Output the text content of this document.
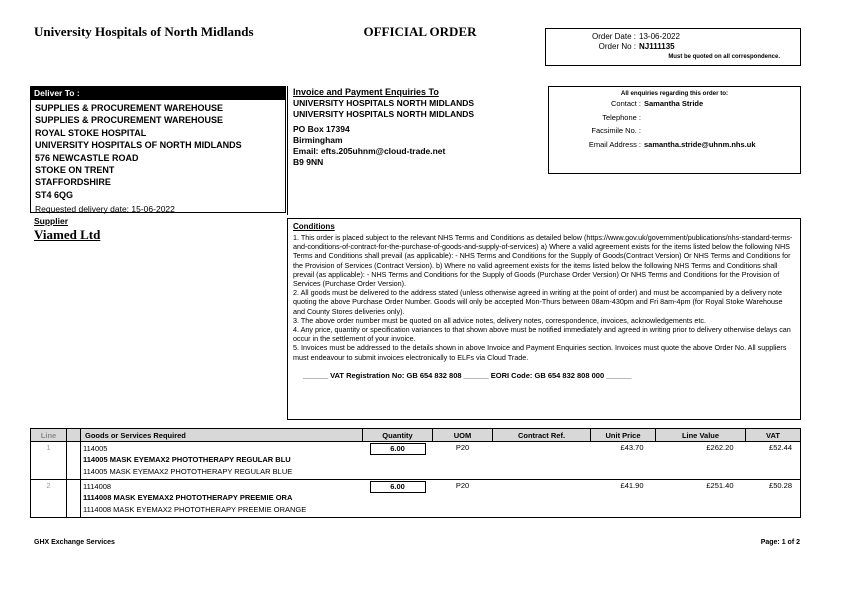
University Hospitals of North Midlands	OFFICIAL ORDER	Order Date : 13-06-2022
Order No : NJ111135
Must be quoted on all correspondence.
Deliver To :
SUPPLIES & PROCUREMENT WAREHOUSE
SUPPLIES & PROCUREMENT WAREHOUSE
ROYAL STOKE HOSPITAL
UNIVERSITY HOSPITALS OF NORTH MIDLANDS
576 NEWCASTLE ROAD
STOKE ON TRENT
STAFFORDSHIRE
ST4 6QG
Requested delivery date: 15-06-2022
Invoice and Payment Enquiries To
UNIVERSITY HOSPITALS NORTH MIDLANDS
UNIVERSITY HOSPITALS NORTH MIDLANDS
PO Box 17394
Birmingham
Email: efts.205uhnm@cloud-trade.net
B9 9NN
All enquiries regarding this order to:
Contact : Samantha Stride
Telephone :
Facsimile No. :
Email Address : samantha.stride@uhnm.nhs.uk
Supplier
Viamed Ltd
Conditions
1. This order is placed subject to the relevant NHS Terms and Conditions as detailed below (https://www.gov.uk/government/publications/nhs-standard-terms-and-conditions-of-contract-for-the-purchase-of-goods-and-supply-of-services) a) Where a valid agreement exists for the items listed below the following NHS Terms and Conditions shall prevail (as applicable): - NHS Terms and Conditions for the Supply of Goods(Contract Version) Or NHS Terms and Conditions for the Provision of Services (Contract Version). b) Where no valid agreement exists for the items listed below the following NHS Terms and Conditions shall prevail (as applicable): - NHS Terms and Conditions for the Supply of Goods (Purchase Order Version) Or NHS Terms and Conditions for the Provision of Services (Purchase Order Version).
2. All goods must be delivered to the address stated (unless otherwise agreed in writing at the point of order) and must be accompanied by a delivery note quoting the above Purchase Order Number. Goods will only be accepted Mon-Thurs between 08am-430pm and Fri 8am-4pm (for Royal Stoke Warehouse and County Stores deliveries only).
3. The above order number must be quoted on all advice notes, delivery notes, correspondence, invoices, acknowledgements etc.
4. Any price, quantity or specification variances to that shown above must be notified immediately and agreed in writing prior to delivery otherwise delays can occur in the settlement of your invoice.
5. Invoices must be addressed to the details shown in above Invoice and Payment Enquiries section. Invoices must quote the above Order No. All suppliers must endeavour to submit invoices electronically to ELFs via Cloud Trade.
______ VAT Registration No: GB 654 832 808 ______ EORI Code: GB 654 832 808 000 ______
Line		Goods or Services Required	Quantity	UOM	Contract Ref.	Unit Price	Line Value	VAT
1		114005
114005 MASK EYEMAX2 PHOTOTHERAPY REGULAR BLU
114005 MASK EYEMAX2 PHOTOTHERAPY REGULAR BLUE	6.00	P20		£43.70	£262.20	£52.44
2		1114008
1114008 MASK EYEMAX2 PHOTOTHERAPY PREEMIE ORA
1114008 MASK EYEMAX2 PHOTOTHERAPY PREEMIE ORANGE	6.00	P20		£41.90	£251.40	£50.28
GHX Exchange Services	Page: 1 of 2
